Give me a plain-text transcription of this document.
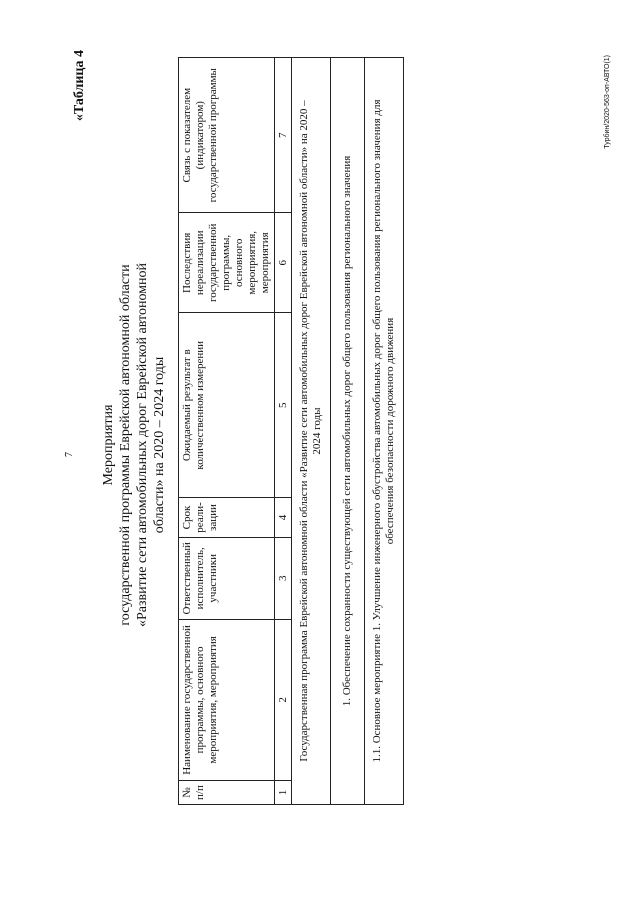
7
«Таблица 4
Мероприятия государственной программы Еврейской автономной области «Развитие сети автомобильных дорог Еврейской автономной области» на 2020 – 2024 годы
№ п/п	Наименование государственной программы, основного мероприятия, мероприятия	Ответственный исполнитель, участники	Срок реализации	Ожидаемый результат в количественном измерении	Последствия нереализации государственной программы, основного мероприятия, мероприятия	Связь с показателем (индикатором) государственной программы
1	2	3	4	5	6	7
Государственная программа Еврейской автономной области «Развитие сети автомобильных дорог Еврейской автономной области» на 2020 – 2024 годы						
1. Обеспечение сохранности существующей сети автомобильных дорог общего пользования регионального значения						
1.1. Основное мероприятие 1. Улучшение инженерного обустройства автомобильных дорог общего пользования регионального значения для обеспечения безопасности дорожного движения						
Турбин/2020-563-оп-АВТО(1)
